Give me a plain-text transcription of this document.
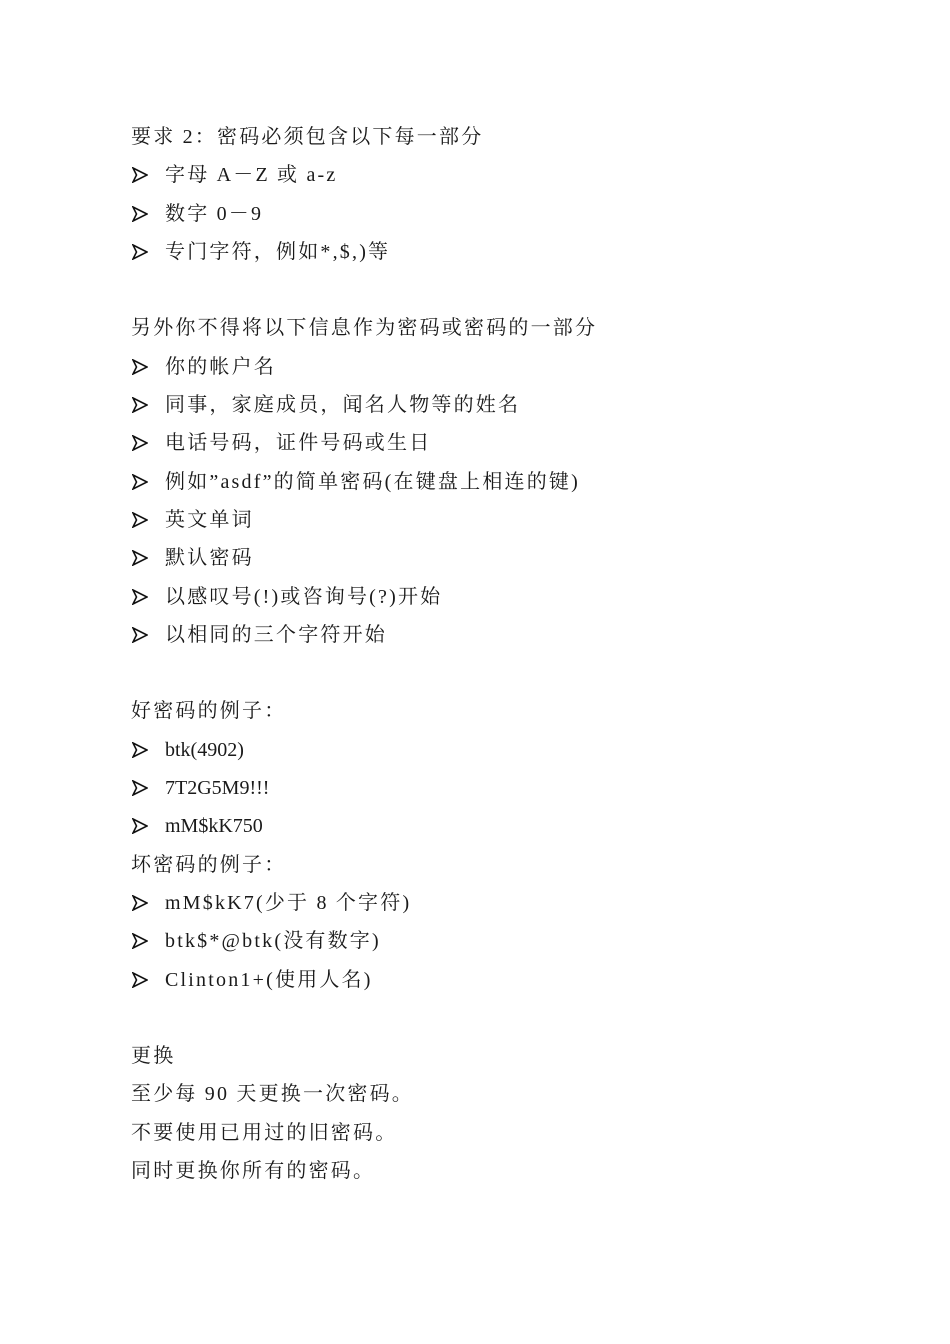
要求 2：密码必须包含以下每一部分
字母 A－Z 或 a-z
数字 0－9
专门字符，例如*,$,)等
另外你不得将以下信息作为密码或密码的一部分
你的帐户名
同事，家庭成员，闻名人物等的姓名
电话号码，证件号码或生日
例如”asdf”的简单密码(在键盘上相连的键)
英文单词
默认密码
以感叹号(!)或咨询号(?)开始
以相同的三个字符开始
好密码的例子：
btk(4902)
7T2G5M9!!!
mM$kK750
坏密码的例子：
mM$kK7(少于 8 个字符)
btk$*@btk(没有数字)
Clinton1+(使用人名)
更换
至少每 90 天更换一次密码。
不要使用已用过的旧密码。
同时更换你所有的密码。
